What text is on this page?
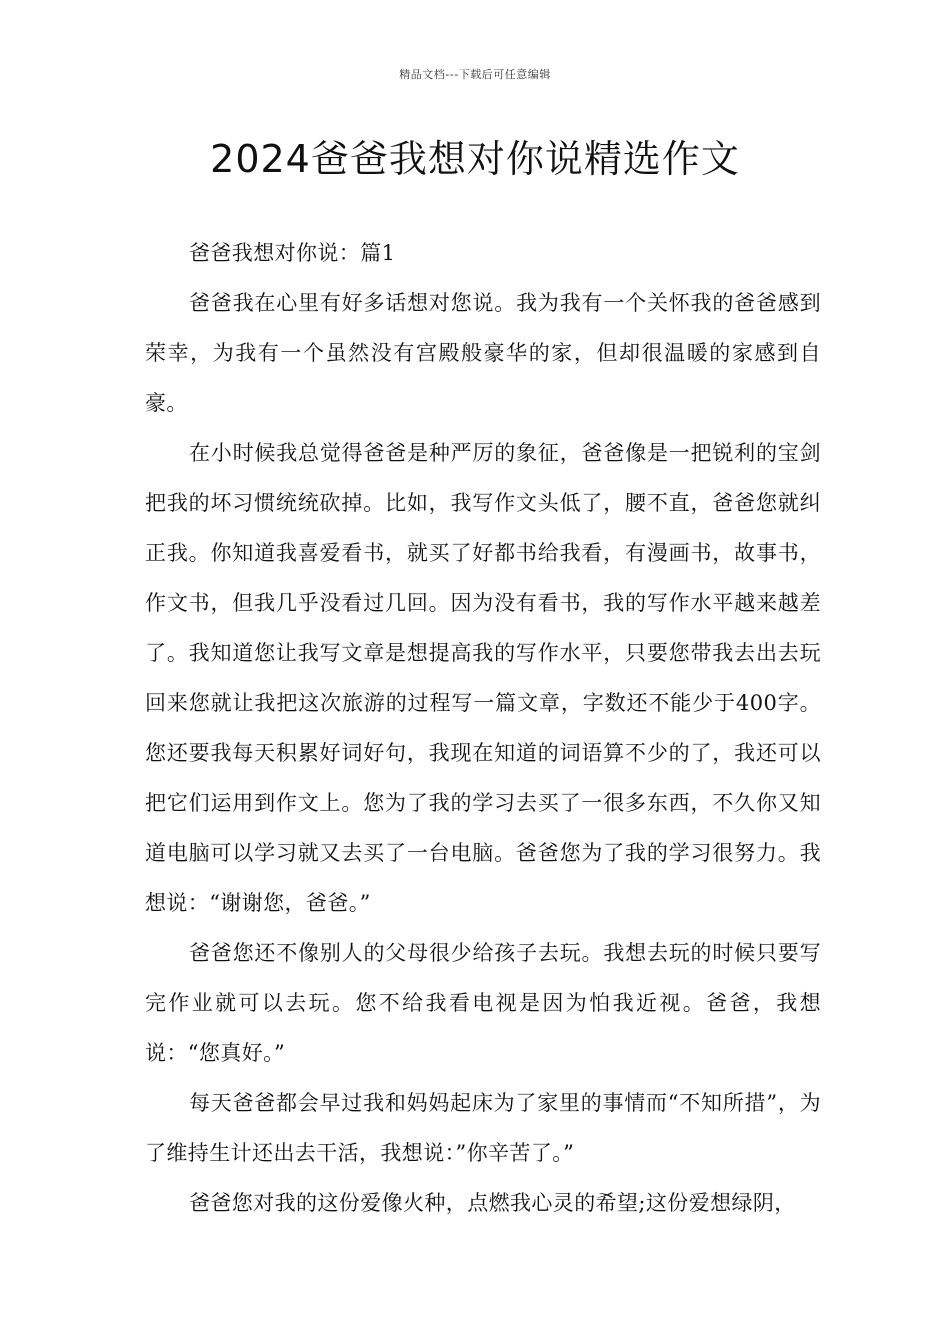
精品文档---下载后可任意编辑
2024爸爸我想对你说精选作文

爸爸我想对你说：篇1

爸爸我在心里有好多话想对您说。我为我有一个关怀我的爸爸感到荣幸，为我有一个虽然没有宫殿般豪华的家，但却很温暖的家感到自豪。

在小时候我总觉得爸爸是种严厉的象征，爸爸像是一把锐利的宝剑把我的坏习惯统统砍掉。比如，我写作文头低了，腰不直，爸爸您就纠正我。你知道我喜爱看书，就买了好都书给我看，有漫画书，故事书，作文书，但我几乎没看过几回。因为没有看书，我的写作水平越来越差了。我知道您让我写文章是想提高我的写作水平，只要您带我去出去玩回来您就让我把这次旅游的过程写一篇文章，字数还不能少于400字。您还要我每天积累好词好句，我现在知道的词语算不少的了，我还可以把它们运用到作文上。您为了我的学习去买了一很多东西，不久你又知道电脑可以学习就又去买了一台电脑。爸爸您为了我的学习很努力。我想说：“谢谢您，爸爸。”

爸爸您还不像别人的父母很少给孩子去玩。我想去玩的时候只要写完作业就可以去玩。您不给我看电视是因为怕我近视。爸爸，我想说：“您真好。”

每天爸爸都会早过我和妈妈起床为了家里的事情而“不知所措”，为了维持生计还出去干活，我想说：”你辛苦了。”

爸爸您对我的这份爱像火种，点燃我心灵的希望;这份爱想绿阴，
